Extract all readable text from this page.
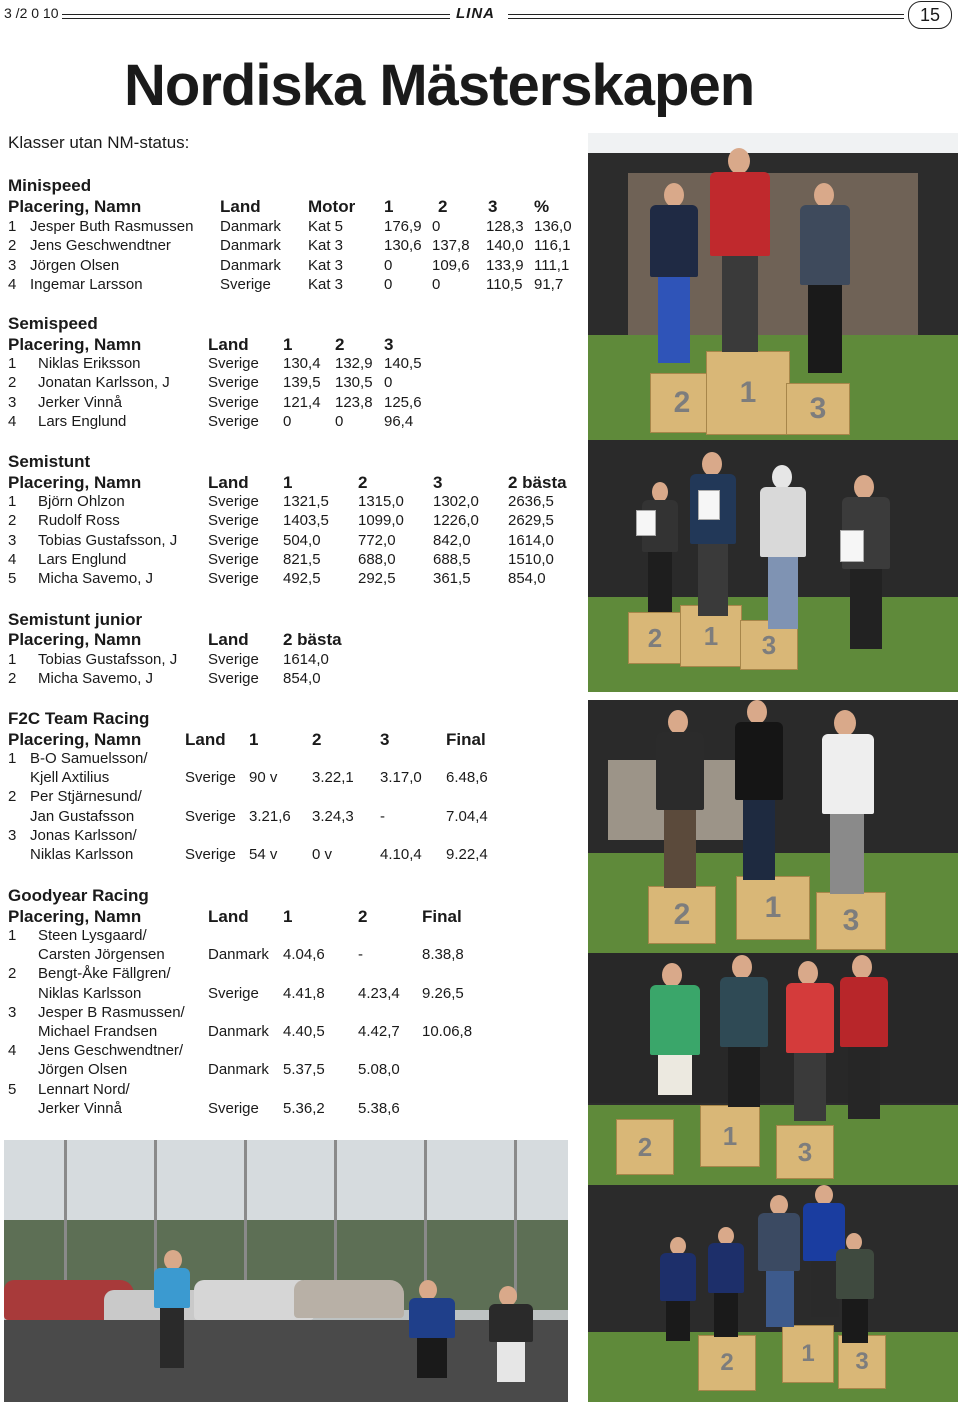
3 /2 0 10	LINA	15
Nordiska Mästerskapen
Klasser utan NM-status:
Minispeed
Placering, Namn	Land	Motor 1	2 3 %
1 Jesper Buth Rasmussen Danmark Kat 5	176,9 0	128,3 136,0
2 Jens Geschwendtner	Danmark Kat 3	130,6 137,8 140,0 116,1
3 Jörgen Olsen	Danmark Kat 3	0	109,6 133,9 111,1
4 Ingemar Larsson	Sverige Kat 3	0	0	110,5 91,7
Semispeed
Placering, Namn	Land 1	2 3
1 Niklas Eriksson	Sverige 130,4 132,9 140,5
2 Jonatan Karlsson, J	Sverige 139,5 130,5 0
3 Jerker Vinnå	Sverige 121,4 123,8 125,6
4 Lars Englund	Sverige 0	0	96,4
Semistunt
Placering, Namn	Land 1	2	3	2 bästa
1 Björn Ohlzon	Sverige 1321,5 1315,0 1302,0 2636,5
2 Rudolf Ross	Sverige 1403,5 1099,0 1226,0 2629,5
3 Tobias Gustafsson, J Sverige 504,0 772,0 842,0 1614,0
4 Lars Englund	Sverige 821,5 688,0 688,5 1510,0
5 Micha Savemo, J	Sverige 492,5 292,5 361,5 854,0
Semistunt junior
Placering, Namn	Land 2 bästa
1 Tobias Gustafsson, J Sverige 1614,0
2 Micha Savemo, J	Sverige 854,0
F2C Team Racing
Placering, Namn	Land 1	2	3	Final
1 B-O Samuelsson/
Kjell Axtilius	Sverige 90 v 3.22,1 3.17,0 6.48,6
2 Per Stjärnesund/
Jan Gustafsson	Sverige 3.21,6 3.24,3 -	7.04,4
3 Jonas Karlsson/
Niklas Karlsson	Sverige 54 v 0 v	4.10,4 9.22,4
Goodyear Racing
Placering, Namn	Land 1	2	Final
1 Steen Lysgaard/
Carsten Jörgensen	Danmark 4.04,6 -	8.38,8
2 Bengt-Åke Fällgren/
Niklas Karlsson	Sverige 4.41,8 4.23,4 9.26,5
3 Jesper B Rasmussen/
Michael Frandsen	Danmark 4.40,5 4.42,7 10.06,8
4 Jens Geschwendtner/
Jörgen Olsen	Danmark 5.37,5 5.08,0
5 Lennart Nord/
Jerker Vinnå	Sverige 5.36,2 5.38,6
2	1	3
2	1	3
2	1	3
2	1
3
2	1	3
